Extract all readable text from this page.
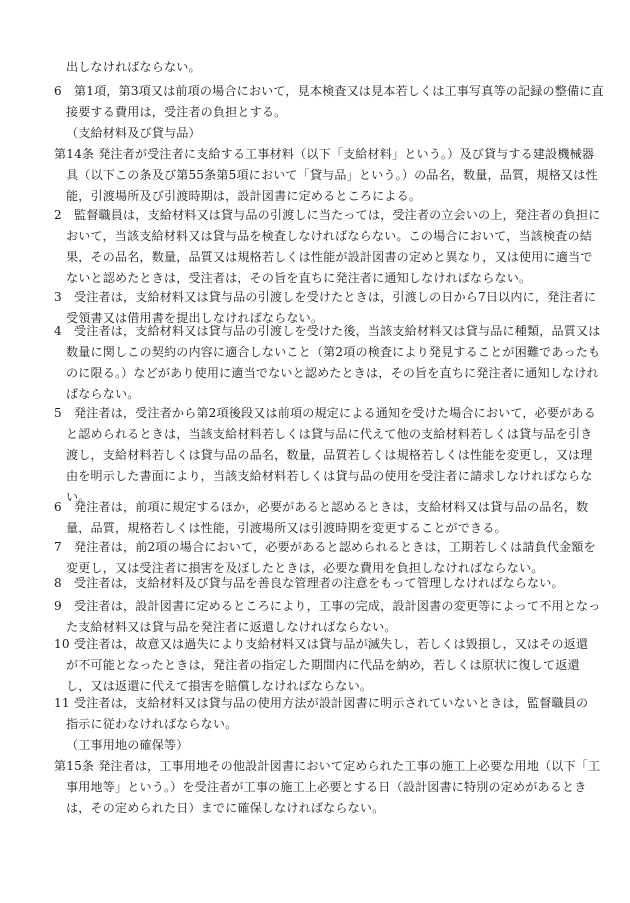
出しなければならない。
6 第1項，第3項又は前項の場合において，見本検査又は見本若しくは工事写真等の記録の整備に直
接要する費用は，受注者の負担とする。
（支給材料及び貸与品）
第14条 発注者が受注者に支給する工事材料（以下「支給材料」という。）及び貸与する建設機械器
具（以下この条及び第55条第5項において「貸与品」という。）の品名，数量，品質，規格又は性
能，引渡場所及び引渡時期は，設計図書に定めるところによる。
2 監督職員は，支給材料又は貸与品の引渡しに当たっては，受注者の立会いの上，発注者の負担に
おいて，当該支給材料又は貸与品を検査しなければならない。この場合において，当該検査の結
果，その品名，数量，品質又は規格若しくは性能が設計図書の定めと異なり，又は使用に適当で
ないと認めたときは，受注者は，その旨を直ちに発注者に通知しなければならない。
3 受注者は，支給材料又は貸与品の引渡しを受けたときは，引渡しの日から7日以内に，発注者に
受領書又は借用書を提出しなければならない。
4 受注者は，支給材料又は貸与品の引渡しを受けた後，当該支給材料又は貸与品に種類，品質又は
数量に関しこの契約の内容に適合しないこと（第2項の検査により発見することが困難であったも
のに限る。）などがあり使用に適当でないと認めたときは，その旨を直ちに発注者に通知しなけれ
ばならない。
5 発注者は，受注者から第2項後段又は前項の規定による通知を受けた場合において，必要がある
と認められるときは，当該支給材料若しくは貸与品に代えて他の支給材料若しくは貸与品を引き
渡し，支給材料若しくは貸与品の品名，数量，品質若しくは規格若しくは性能を変更し，又は理
由を明示した書面により，当該支給材料若しくは貸与品の使用を受注者に請求しなければならな
い。
6 発注者は，前項に規定するほか，必要があると認めるときは，支給材料又は貸与品の品名，数
量，品質，規格若しくは性能，引渡場所又は引渡時期を変更することができる。
7 発注者は，前2項の場合において，必要があると認められるときは，工期若しくは請負代金額を
変更し，又は受注者に損害を及ぼしたときは，必要な費用を負担しなければならない。
8 受注者は，支給材料及び貸与品を善良な管理者の注意をもって管理しなければならない。
9 受注者は，設計図書に定めるところにより，工事の完成，設計図書の変更等によって不用となっ
た支給材料又は貸与品を発注者に返還しなければならない。
10 受注者は，故意又は過失により支給材料又は貸与品が滅失し，若しくは毀損し，又はその返還
が不可能となったときは，発注者の指定した期間内に代品を納め，若しくは原状に復して返還
し，又は返還に代えて損害を賠償しなければならない。
11 受注者は，支給材料又は貸与品の使用方法が設計図書に明示されていないときは，監督職員の
指示に従わなければならない。
（工事用地の確保等）
第15条 発注者は，工事用地その他設計図書において定められた工事の施工上必要な用地（以下「工
事用地等」という。）を受注者が工事の施工上必要とする日（設計図書に特別の定めがあるとき
は，その定められた日）までに確保しなければならない。
